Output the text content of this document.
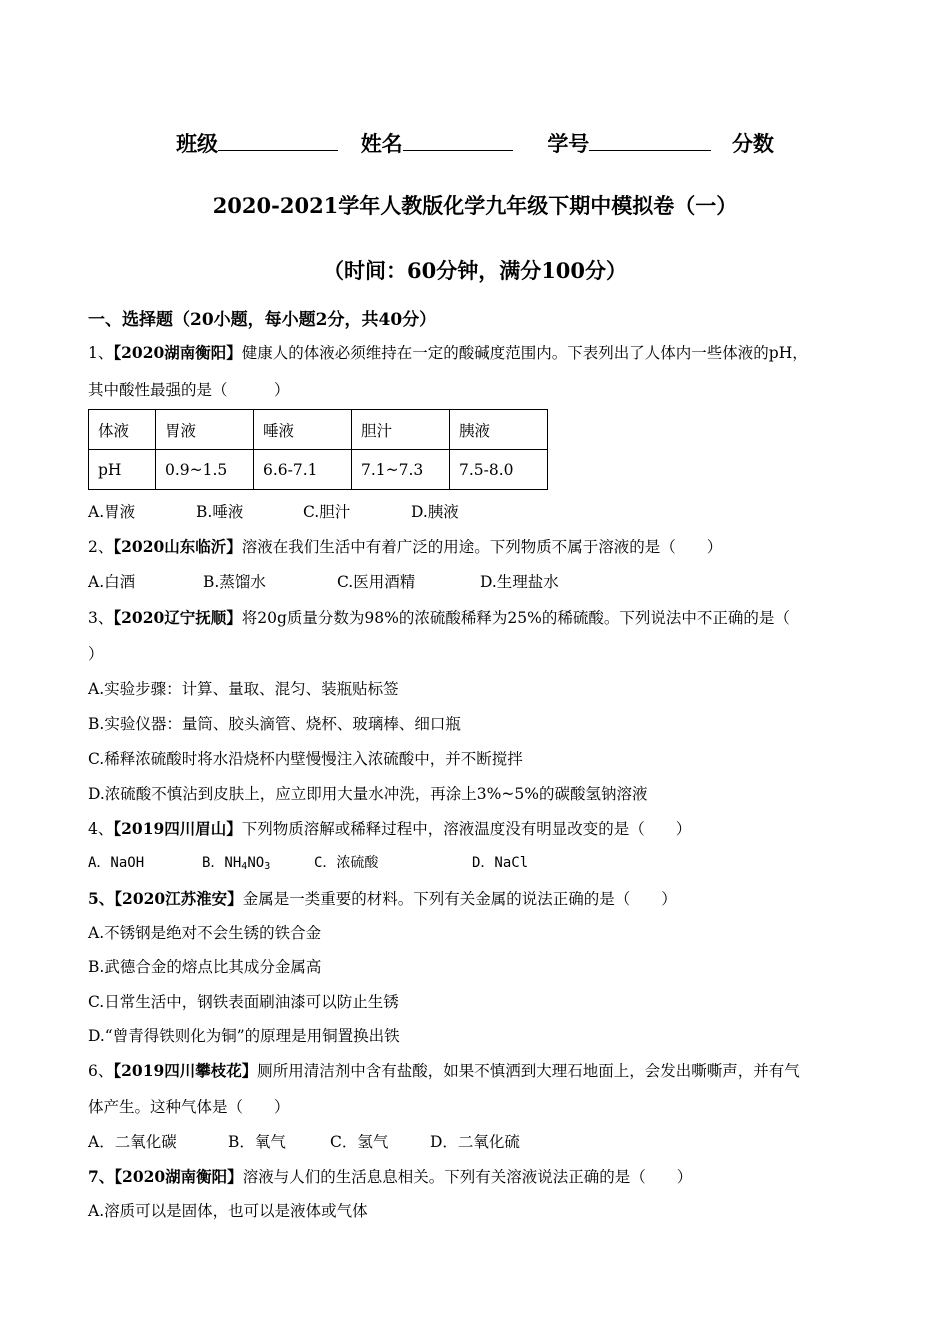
班级	姓名	学号	分数
2020-2021学年人教版化学九年级下期中模拟卷（一）
（时间：60分钟，满分100分）
一、选择题（20小题，每小题2分，共40分）
1、【2020湖南衡阳】健康人的体液必须维持在一定的酸碱度范围内。下表列出了人体内一些体液的pH，
其中酸性最强的是（　　　）
体液	胃液	唾液	胆汁	胰液
pH	0.9~1.5	6.6-7.1	7.1~7.3	7.5-8.0
A.胃液	B.唾液	C.胆汁	D.胰液
2、【2020山东临沂】溶液在我们生活中有着广泛的用途。下列物质不属于溶液的是（　　）
A.白酒	B.蒸馏水	C.医用酒精	D.生理盐水
3、【2020辽宁抚顺】将20g质量分数为98%的浓硫酸稀释为25%的稀硫酸。下列说法中不正确的是（
）
A.实验步骤：计算、量取、混匀、装瓶贴标签
B.实验仪器：量筒、胶头滴管、烧杯、玻璃棒、细口瓶
C.稀释浓硫酸时将水沿烧杯内壁慢慢注入浓硫酸中，并不断搅拌
D.浓硫酸不慎沾到皮肤上，应立即用大量水冲洗，再涂上3%~5%的碳酸氢钠溶液
4、【2019四川眉山】下列物质溶解或稀释过程中，溶液温度没有明显改变的是（　　）
A．NaOH	B．$NH_4NO_3$	C．浓硫酸	D．NaCl
5、【2020江苏淮安】金属是一类重要的材料。下列有关金属的说法正确的是（　　）
A.不锈钢是绝对不会生锈的铁合金
B.武德合金的熔点比其成分金属高
C.日常生活中，钢铁表面刷油漆可以防止生锈
D.“曾青得铁则化为铜”的原理是用铜置换出铁
6、【2019四川攀枝花】厕所用清洁剂中含有盐酸，如果不慎洒到大理石地面上，会发出嘶嘶声，并有气
体产生。这种气体是（　　）
A．二氧化碳	B．氧气	C．氢气	D．二氧化硫
7、【2020湖南衡阳】溶液与人们的生活息息相关。下列有关溶液说法正确的是（　　）
A.溶质可以是固体，也可以是液体或气体
